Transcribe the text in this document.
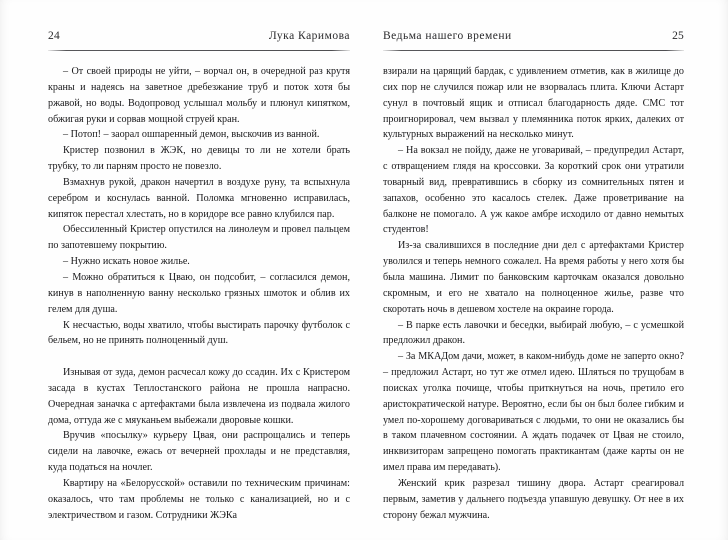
24	Лука Каримова

– От своей природы не уйти, – ворчал он, в очередной раз крутя краны и надеясь на заветное дребезжание труб и поток хотя бы ржавой, но воды. Водопровод услышал мольбу и плюнул кипятком, обжигая руки и сорвав мощной струей кран.

– Потоп! – заорал ошпаренный демон, выскочив из ванной.

Кристер позвонил в ЖЭК, но девицы то ли не хотели брать трубку, то ли парням просто не повезло.

Взмахнув рукой, дракон начертил в воздухе руну, та вспыхнула серебром и коснулась ванной. Поломка мгновенно исправилась, кипяток перестал хлестать, но в коридоре все равно клубился пар.

Обессиленный Кристер опустился на линолеум и провел пальцем по запотевшему покрытию.

– Нужно искать новое жилье.

– Можно обратиться к Цваю, он подсобит, – согласился демон, кинув в наполненную ванну несколько грязных шмоток и облив их гелем для душа.

К несчастью, воды хватило, чтобы выстирать парочку футболок с бельем, но не принять полноценный душ.

Изнывая от зуда, демон расчесал кожу до ссадин. Их с Кристером засада в кустах Теплостанского района не прошла напрасно. Очередная заначка с артефактами была извлечена из подвала жилого дома, оттуда же с мяуканьем выбежали дворовые кошки.

Вручив «посылку» курьеру Цвая, они распрощались и теперь сидели на лавочке, ежась от вечерней прохлады и не представляя, куда податься на ночлег.

Квартиру на «Белорусской» оставили по техническим причинам: оказалось, что там проблемы не только с канализацией, но и с электричеством и газом. Сотрудники ЖЭКа

Ведьма нашего времени	25

взирали на царящий бардак, с удивлением отметив, как в жилище до сих пор не случился пожар или не взорвалась плита. Ключи Астарт сунул в почтовый ящик и отписал благодарность дяде. СМС тот проигнорировал, чем вызвал у племянника поток ярких, далеких от культурных выражений на несколько минут.

– На вокзал не пойду, даже не уговаривай, – предупредил Астарт, с отвращением глядя на кроссовки. За короткий срок они утратили товарный вид, превратившись в сборку из сомнительных пятен и запахов, особенно это касалось стелек. Даже проветривание на балконе не помогало. А уж какое амбре исходило от давно немытых студентов!

Из-за свалившихся в последние дни дел с артефактами Кристер уволился и теперь немного сожалел. На время работы у него хотя бы была машина. Лимит по банковским карточкам оказался довольно скромным, и его не хватало на полноценное жилье, разве что скоротать ночь в дешевом хостеле на окраине города.

– В парке есть лавочки и беседки, выбирай любую, – с усмешкой предложил дракон.

– За МКАДом дачи, может, в каком-нибудь доме не заперто окно? – предложил Астарт, но тут же отмел идею. Шляться по трущобам в поисках уголка почище, чтобы приткнуться на ночь, претило его аристократической натуре. Вероятно, если бы он был более гибким и умел по-хорошему договариваться с людьми, то они не оказались бы в таком плачевном состоянии. А ждать подачек от Цвая не стоило, инквизиторам запрещено помогать практикантам (даже карты он не имел права им передавать).

Женский крик разрезал тишину двора. Астарт среагировал первым, заметив у дальнего подъезда упавшую девушку. От нее в их сторону бежал мужчина.
